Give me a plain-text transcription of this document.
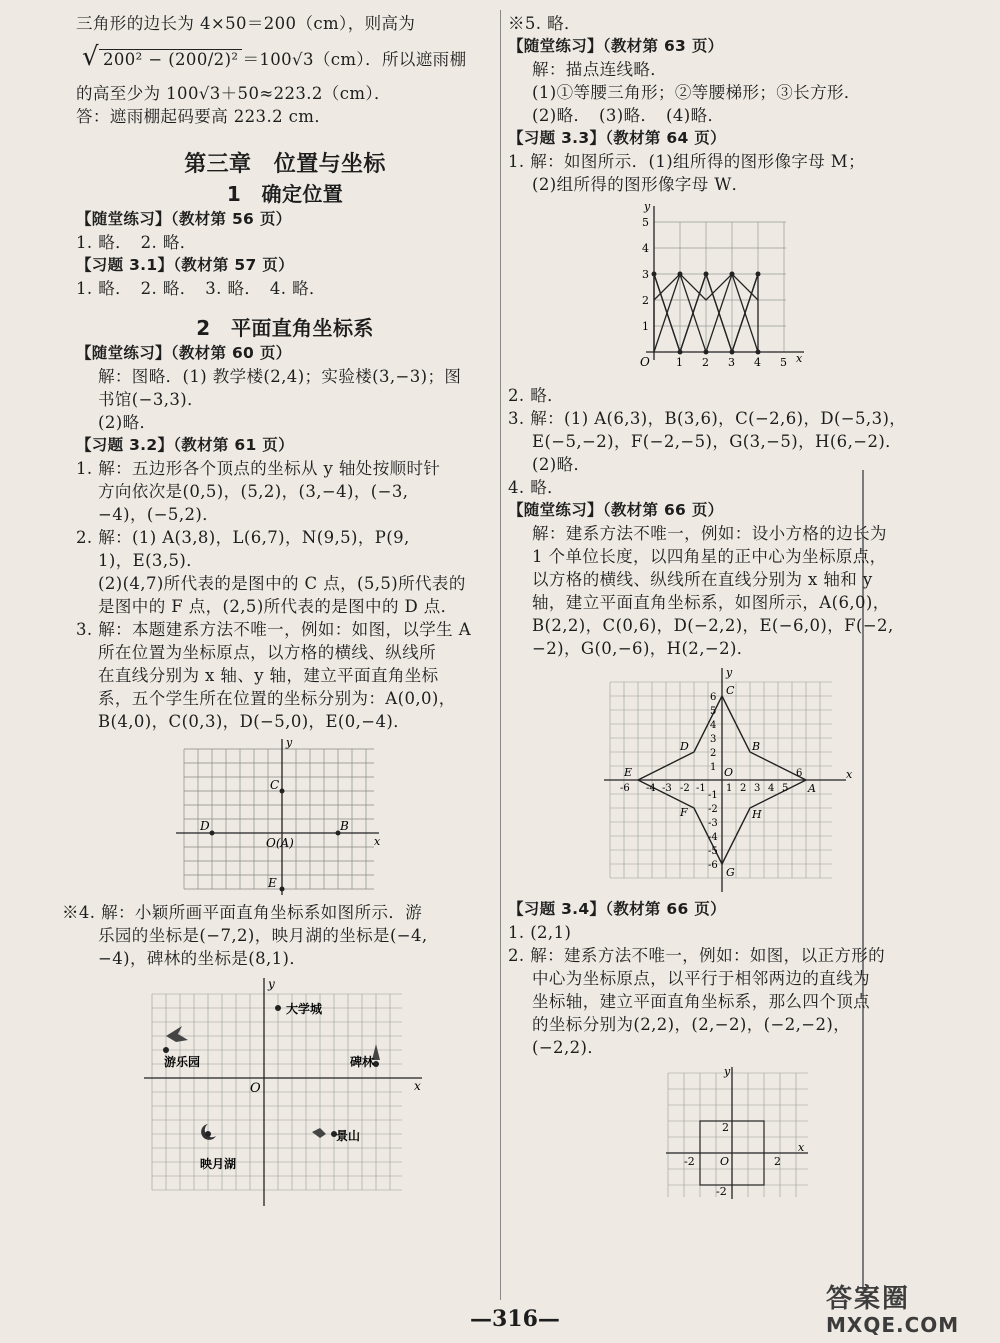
三角形的边长为 4×50＝200（cm），则高为

√ 200² − (200/2)² ＝100√3（cm）．所以遮雨棚

的高至少为 100√3＋50≈223.2（cm）．

答：遮雨棚起码要高 223.2 cm．

第三章　位置与坐标

1　确定位置

【随堂练习】（教材第 56 页）

1. 略．　2. 略．

【习题 3.1】（教材第 57 页）

1. 略．　2. 略．　3. 略．　4. 略．

2　平面直角坐标系

【随堂练习】（教材第 60 页）

解：图略．(1) 教学楼(2,4)；实验楼(3,−3)；图

书馆(−3,3)．

(2)略．

【习题 3.2】（教材第 61 页）

1. 解：五边形各个顶点的坐标从 y 轴处按顺时针

方向依次是(0,5)，(5,2)，(3,−4)，(−3,

−4)，(−5,2)．

2. 解：(1) A(3,8)，L(6,7)，N(9,5)，P(9,

1)，E(3,5)．

(2)(4,7)所代表的是图中的 C 点，(5,5)所代表的

是图中的 F 点，(2,5)所代表的是图中的 D 点．

3. 解：本题建系方法不唯一，例如：如图，以学生 A

所在位置为坐标原点，以方格的横线、纵线所

在直线分别为 x 轴、y 轴，建立平面直角坐标

系，五个学生所在位置的坐标分别为：A(0,0)，

B(4,0)，C(0,3)，D(−5,0)，E(0,−4)．

y
x
C
D	B
O(A)
E

※4. 解：小颖所画平面直角坐标系如图所示．游

乐园的坐标是(−7,2)，映月湖的坐标是(−4,

−4)，碑林的坐标是(8,1)．

y
x
O
大学城
游乐园	碑林
映月湖
景山

※5. 略．

【随堂练习】（教材第 63 页）

解：描点连线略．

(1)①等腰三角形；②等腰梯形；③长方形．

(2)略．　(3)略．　(4)略．

【习题 3.3】（教材第 64 页）

1. 解：如图所示．(1)组所得的图形像字母 M；

(2)组所得的图形像字母 W．

y
O 1 2 3 4 5 x
1
2
3
4
5

2. 略．

3. 解：(1) A(6,3)，B(3,6)，C(−2,6)，D(−5,3)，

E(−5,−2)，F(−2,−5)，G(3,−5)，H(6,−2)．

(2)略．

4. 略．

【随堂练习】（教材第 66 页）

解：建系方法不唯一，例如：设小方格的边长为

1 个单位长度，以四角星的正中心为坐标原点，

以方格的横线、纵线所在直线分别为 x 轴和 y

轴，建立平面直角坐标系，如图所示，A(6,0)，

B(2,2)，C(0,6)，D(−2,2)，E(−6,0)，F(−2,

−2)，G(0,−6)，H(2,−2)．

y
x
C
D	B
E
A
F	H
G
O	6
-6 -4 -3 -2 -1 1 2 3 4 5
6
5
4
3
2
1
-1
-2
-3
-4
-5
-6

【习题 3.4】（教材第 66 页）

1. (2,1)

2. 解：建系方法不唯一，例如：如图，以正方形的

中心为坐标原点，以平行于相邻两边的直线为

坐标轴，建立平面直角坐标系，那么四个顶点

的坐标分别为(2,2)，(2,−2)，(−2,−2)，

(−2,2)．

y
x
2
-2 O	2
-2
—316—
答案圈
MXQE.COM
